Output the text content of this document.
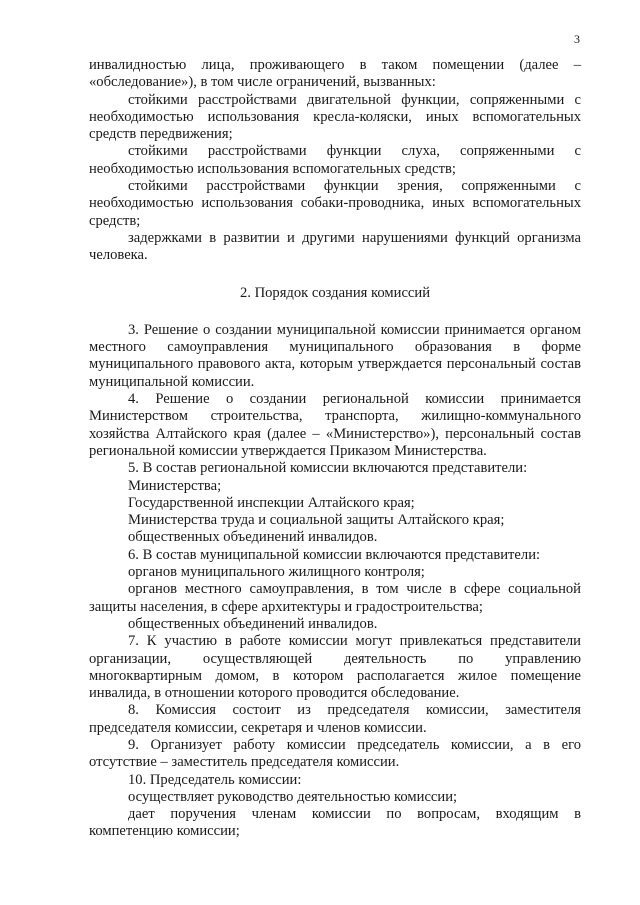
3

инвалидностью лица, проживающего в таком помещении (далее – «обследование»), в том числе ограничений, вызванных:

стойкими расстройствами двигательной функции, сопряженными с необходимостью использования кресла-коляски, иных вспомогательных средств передвижения;

стойкими расстройствами функции слуха, сопряженными с необходимостью использования вспомогательных средств;

стойкими расстройствами функции зрения, сопряженными с необходимостью использования собаки-проводника, иных вспомогательных средств;

задержками в развитии и другими нарушениями функций организма человека.

2. Порядок создания комиссий

3. Решение о создании муниципальной комиссии принимается органом местного самоуправления муниципального образования в форме муниципального правового акта, которым утверждается персональный состав муниципальной комиссии.

4. Решение о создании региональной комиссии принимается Министерством строительства, транспорта, жилищно-коммунального хозяйства Алтайского края (далее – «Министерство»), персональный состав региональной комиссии утверждается Приказом Министерства.

5. В состав региональной комиссии включаются представители:

Министерства;

Государственной инспекции Алтайского края;

Министерства труда и социальной защиты Алтайского края;

общественных объединений инвалидов.

6. В состав муниципальной комиссии включаются представители:

органов муниципального жилищного контроля;

органов местного самоуправления, в том числе в сфере социальной защиты населения, в сфере архитектуры и градостроительства;

общественных объединений инвалидов.

7. К участию в работе комиссии могут привлекаться представители организации, осуществляющей деятельность по управлению многоквартирным домом, в котором располагается жилое помещение инвалида, в отношении которого проводится обследование.

8. Комиссия состоит из председателя комиссии, заместителя председателя комиссии, секретаря и членов комиссии.

9. Организует работу комиссии председатель комиссии, а в его отсутствие – заместитель председателя комиссии.

10. Председатель комиссии:

осуществляет руководство деятельностью комиссии;

дает поручения членам комиссии по вопросам, входящим в компетенцию комиссии;
